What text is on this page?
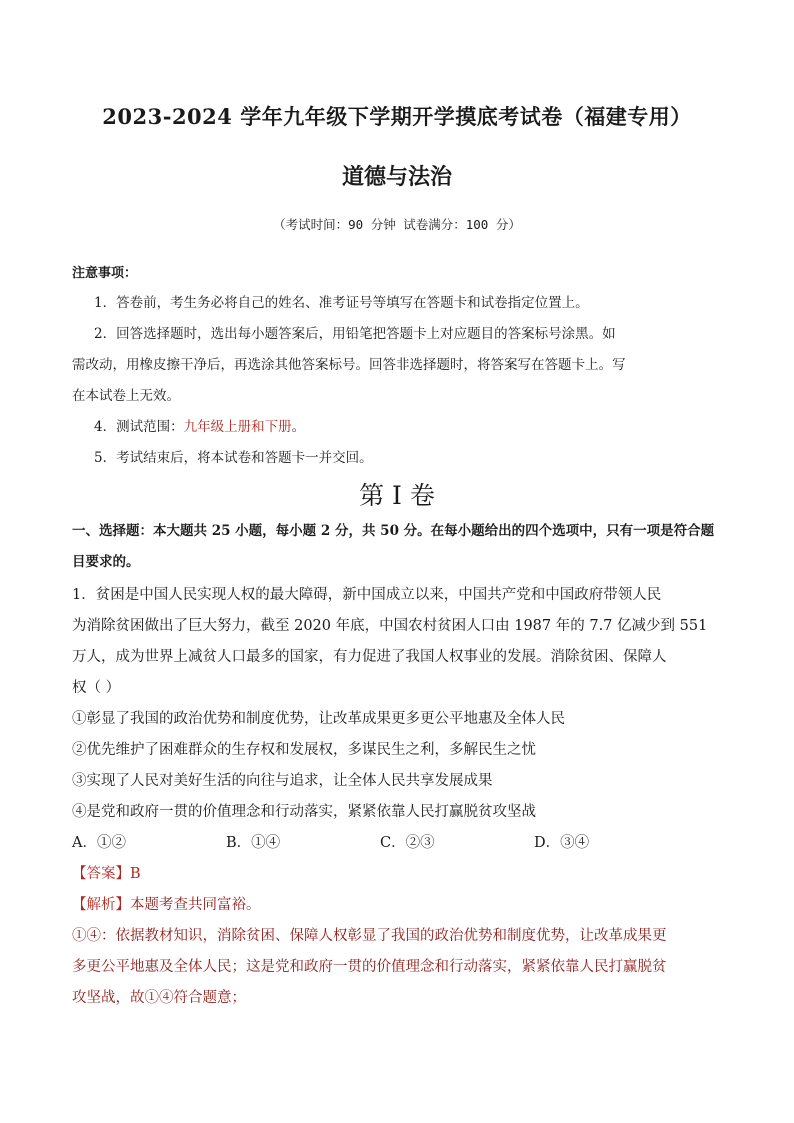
2023-2024 学年九年级下学期开学摸底考试卷（福建专用）
道德与法治
（考试时间：90 分钟 试卷满分：100 分）
注意事项：
1．答卷前，考生务必将自己的姓名、准考证号等填写在答题卡和试卷指定位置上。
2．回答选择题时，选出每小题答案后，用铅笔把答题卡上对应题目的答案标号涂黑。如
需改动，用橡皮擦干净后，再选涂其他答案标号。回答非选择题时，将答案写在答题卡上。写
在本试卷上无效。
4．测试范围：九年级上册和下册。
5．考试结束后，将本试卷和答题卡一并交回。
第 I 卷
一、选择题：本大题共 25 小题，每小题 2 分，共 50 分。在每小题给出的四个选项中，只有一项是符合题
目要求的。
1．贫困是中国人民实现人权的最大障碍，新中国成立以来，中国共产党和中国政府带领人民
为消除贫困做出了巨大努力，截至 2020 年底，中国农村贫困人口由 1987 年的 7.7 亿减少到 551
万人，成为世界上减贫人口最多的国家，有力促进了我国人权事业的发展。消除贫困、保障人
权（ ）
①彰显了我国的政治优势和制度优势，让改革成果更多更公平地惠及全体人民
②优先维护了困难群众的生存权和发展权，多谋民生之利，多解民生之忧
③实现了人民对美好生活的向往与追求，让全体人民共享发展成果
④是党和政府一贯的价值理念和行动落实，紧紧依靠人民打赢脱贫攻坚战
A．①②	B．①④	C．②③	D．③④
【答案】B
【解析】本题考查共同富裕。
①④：依据教材知识，消除贫困、保障人权彰显了我国的政治优势和制度优势，让改革成果更
多更公平地惠及全体人民；这是党和政府一贯的价值理念和行动落实，紧紧依靠人民打赢脱贫
攻坚战，故①④符合题意；
